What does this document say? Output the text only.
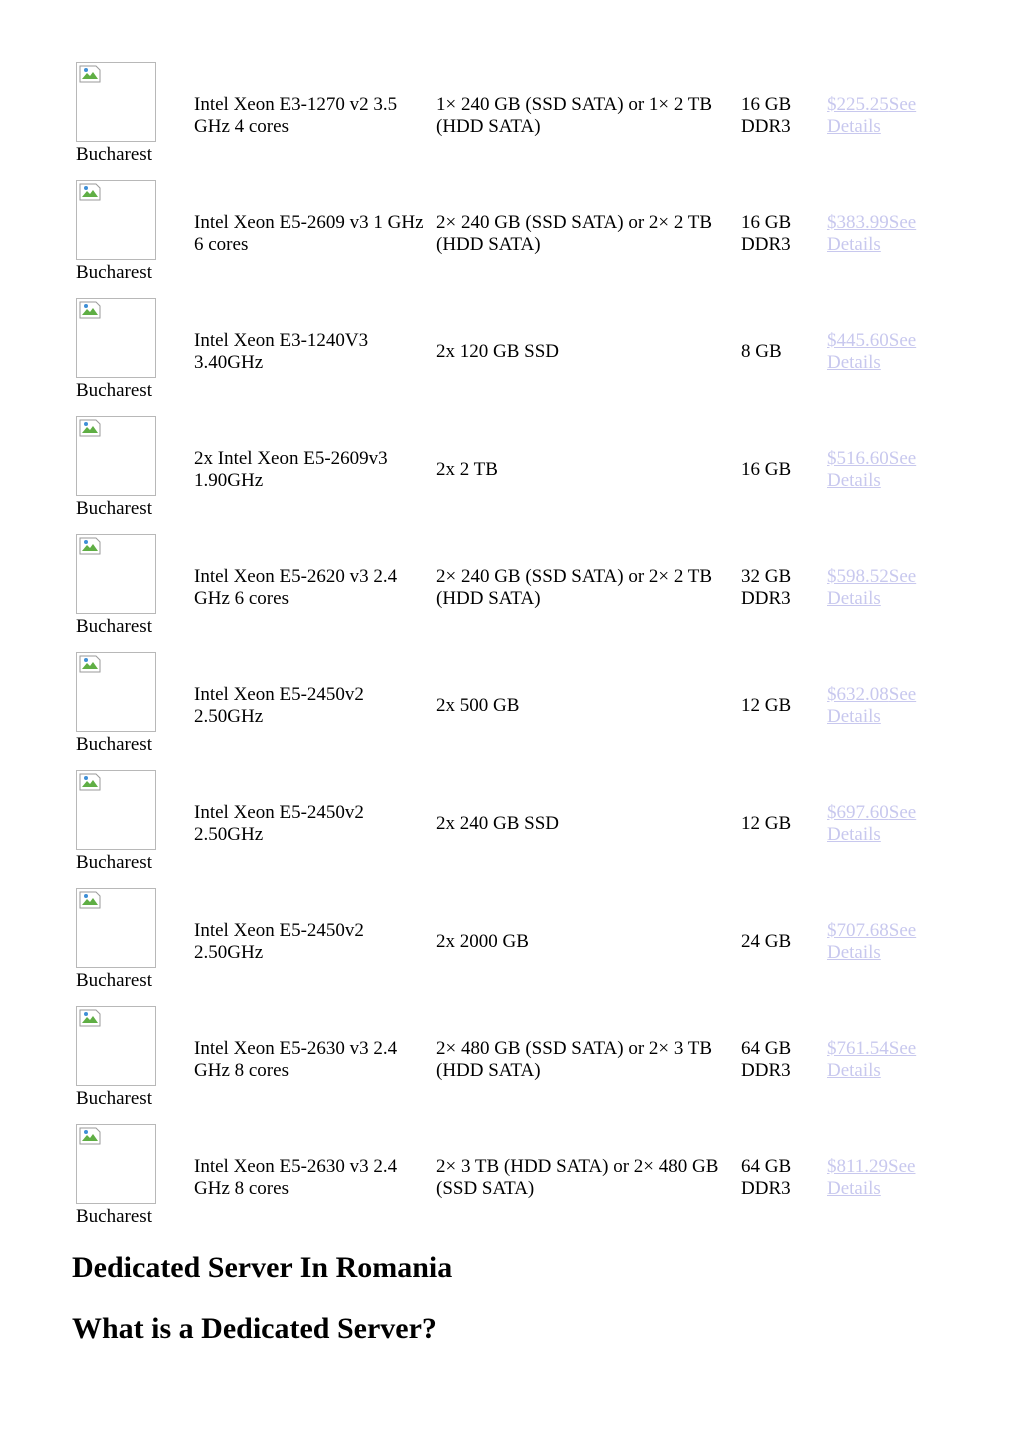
Bucharest	Intel Xeon E3-1270 v2 3.5 GHz 4 cores	1× 240 GB (SSD SATA) or 1× 2 TB (HDD SATA)	16 GB DDR3	$225.25See Details

Bucharest	Intel Xeon E5-2609 v3 1 GHz 6 cores	2× 240 GB (SSD SATA) or 2× 2 TB (HDD SATA)	16 GB DDR3	$383.99See Details

Bucharest	Intel Xeon E3-1240V3 3.40GHz	2x 120 GB SSD	8 GB	$445.60See Details

Bucharest	2x Intel Xeon E5-2609v3 1.90GHz	2x 2 TB	16 GB	$516.60See Details

Bucharest	Intel Xeon E5-2620 v3 2.4 GHz 6 cores	2× 240 GB (SSD SATA) or 2× 2 TB (HDD SATA)	32 GB DDR3	$598.52See Details

Bucharest	Intel Xeon E5-2450v2 2.50GHz	2x 500 GB	12 GB	$632.08See Details

Bucharest	Intel Xeon E5-2450v2 2.50GHz	2x 240 GB SSD	12 GB	$697.60See Details

Bucharest	Intel Xeon E5-2450v2 2.50GHz	2x 2000 GB	24 GB	$707.68See Details

Bucharest	Intel Xeon E5-2630 v3 2.4 GHz 8 cores	2× 480 GB (SSD SATA) or 2× 3 TB (HDD SATA)	64 GB DDR3	$761.54See Details

Bucharest	Intel Xeon E5-2630 v3 2.4 GHz 8 cores	2× 3 TB (HDD SATA) or 2× 480 GB (SSD SATA)	64 GB DDR3	$811.29See Details
Dedicated Server In Romania
What is a Dedicated Server?
